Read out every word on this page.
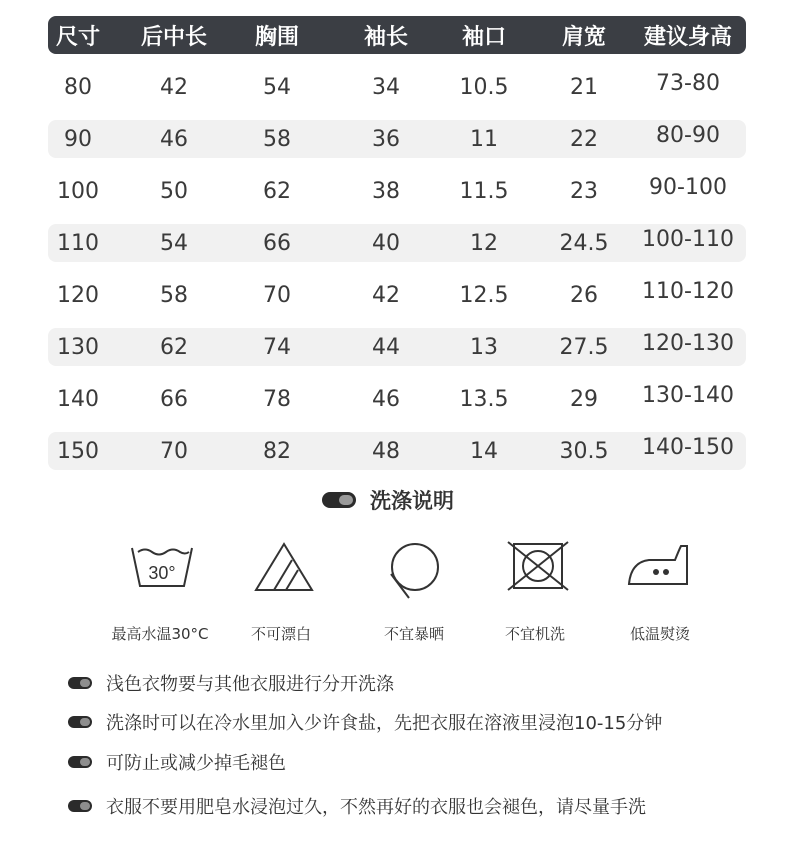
尺寸 后中长 胸围	袖长 袖口	肩宽 建议身高
80	42	54	34	10.5	21	73-80
90	46	58	36	11	22	80-90
100	50	62	38	11.5	23 90-100
110	54	66	40	12	24.5 100-110
120	58	70	42	12.5	26 110-120
130	62	74	44	13	27.5 120-130
140	66	78	46	13.5	29 130-140
150	70	82	48	14	30.5 140-150
洗涤说明
30°
最高水温30°C	不可漂白	不宜暴晒	不宜机洗	低温熨烫
浅色衣物要与其他衣服进行分开洗涤
洗涤时可以在冷水里加入少许食盐，先把衣服在溶液里浸泡10-15分钟
可防止或减少掉毛褪色
衣服不要用肥皂水浸泡过久，不然再好的衣服也会褪色，请尽量手洗
